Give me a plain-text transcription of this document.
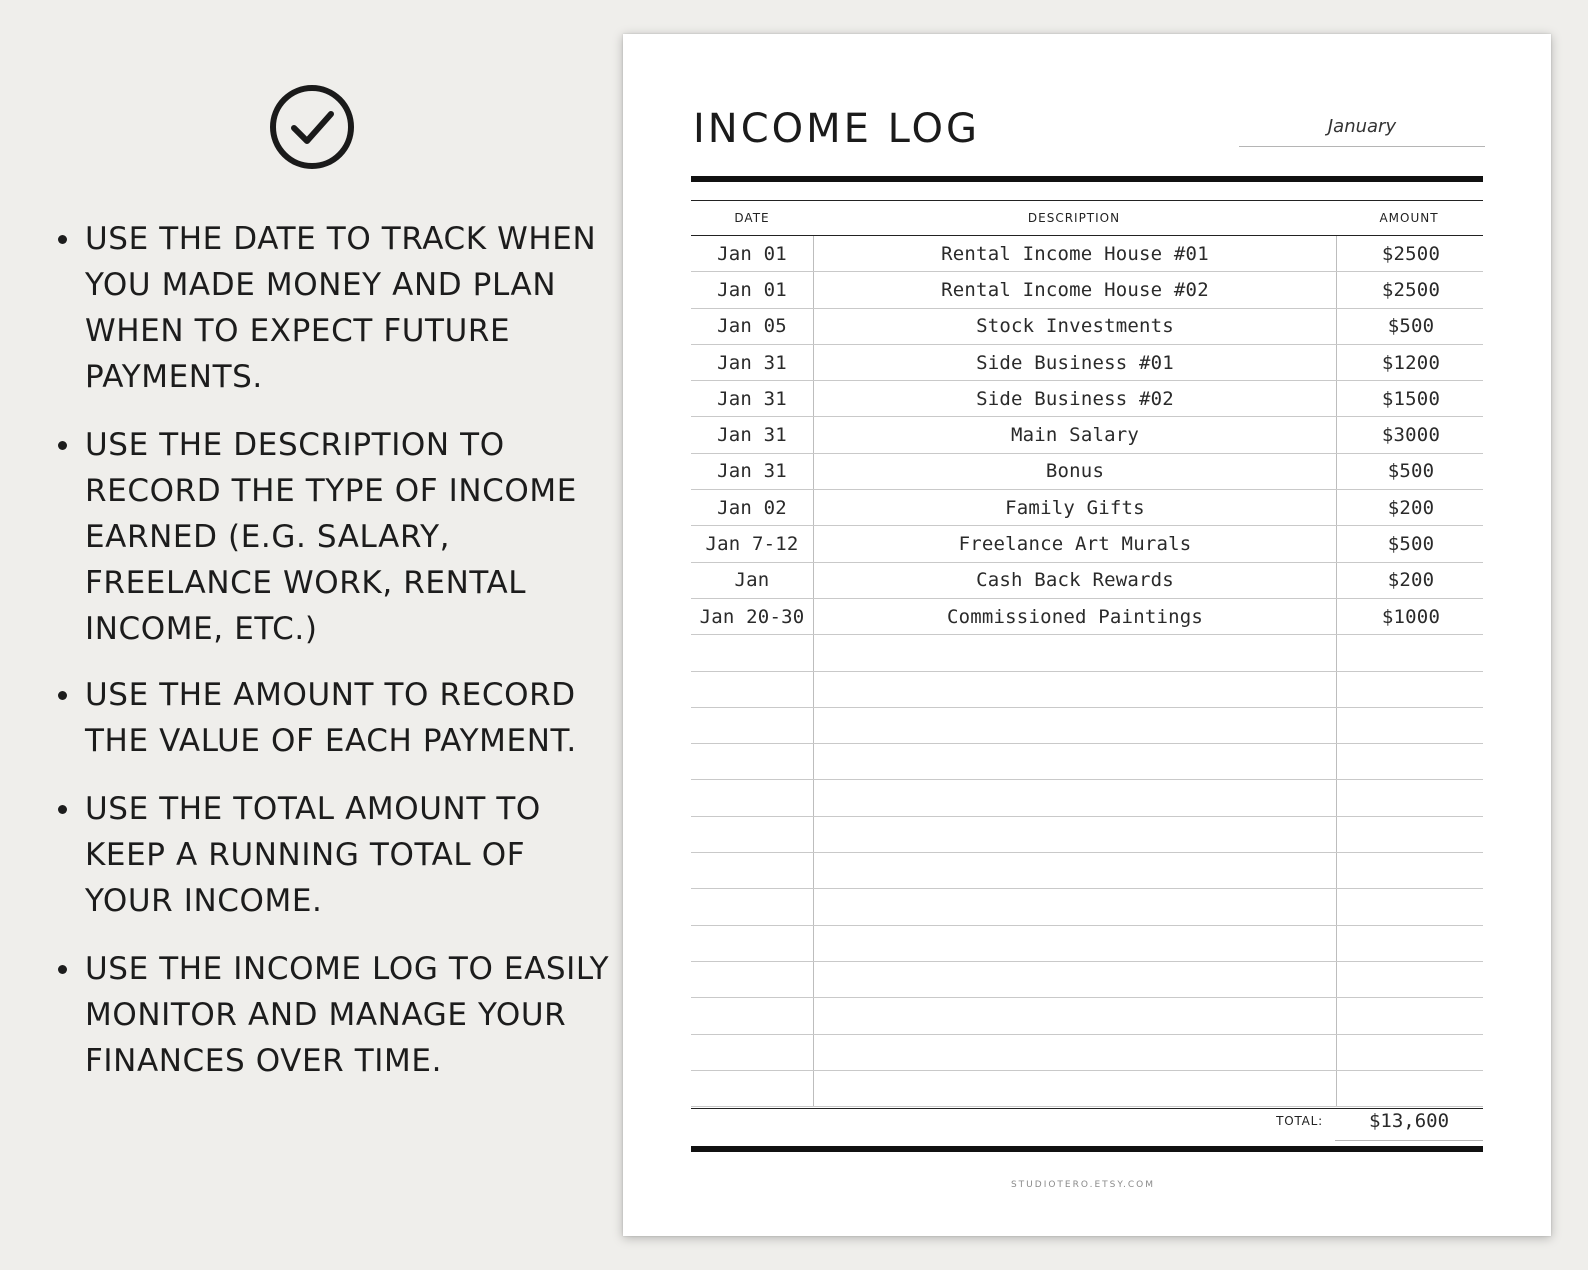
USE THE DATE TO TRACK WHEN YOU MADE MONEY AND PLAN WHEN TO EXPECT FUTURE PAYMENTS.
USE THE DESCRIPTION TO RECORD THE TYPE OF INCOME EARNED (E.G. SALARY, FREELANCE WORK, RENTAL INCOME, ETC.)
USE THE AMOUNT TO RECORD THE VALUE OF EACH PAYMENT.
USE THE TOTAL AMOUNT TO KEEP A RUNNING TOTAL OF YOUR INCOME.
USE THE INCOME LOG TO EASILY MONITOR AND MANAGE YOUR FINANCES OVER TIME.
INCOME LOG	January
DATE	DESCRIPTION	AMOUNT
Jan 01	Rental Income House #01	$2500
Jan 01	Rental Income House #02	$2500
Jan 05	Stock Investments	$500
Jan 31	Side Business #01	$1200
Jan 31	Side Business #02	$1500
Jan 31	Main Salary	$3000
Jan 31	Bonus	$500
Jan 02	Family Gifts	$200
Jan 7-12	Freelance Art Murals	$500
Jan	Cash Back Rewards	$200
Jan 20-30	Commissioned Paintings	$1000
TOTAL:	$13,600
STUDIOTERO.ETSY.COM
